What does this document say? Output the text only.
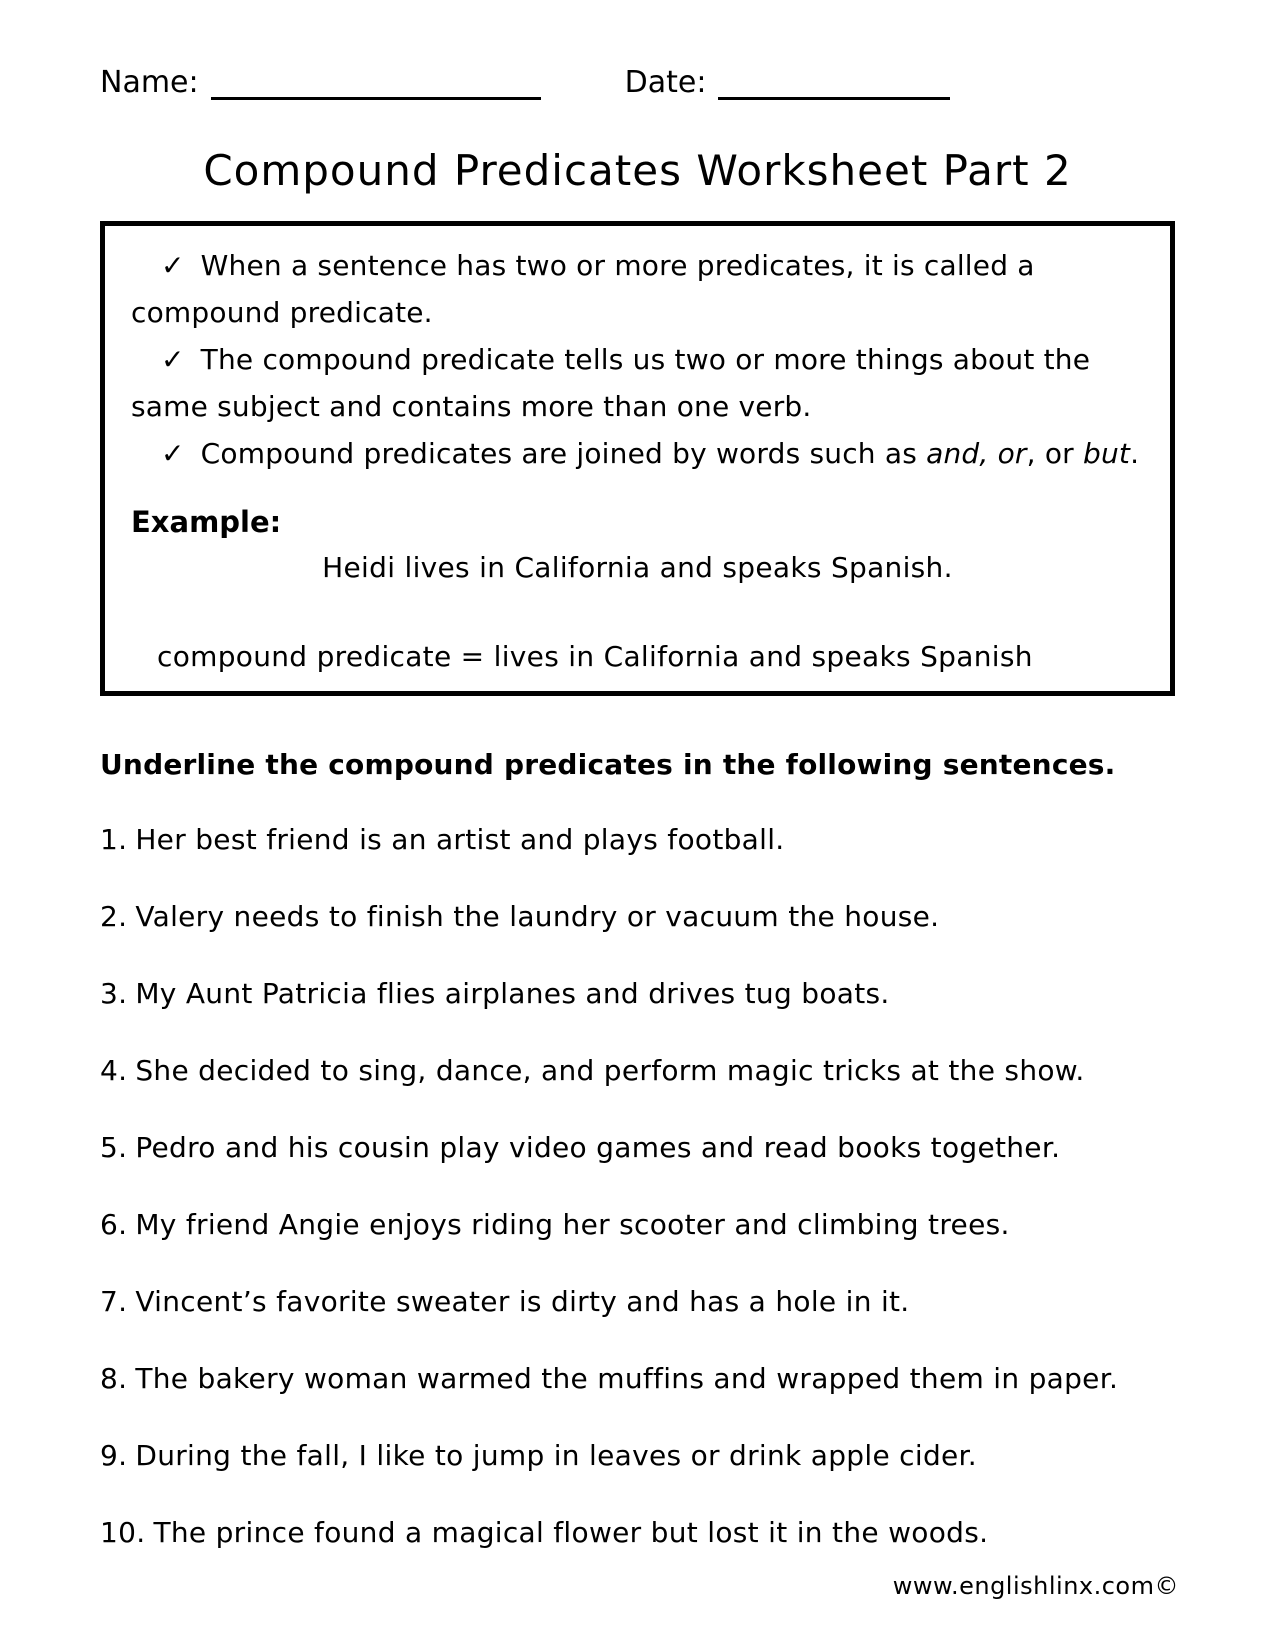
Name:	Date:
Compound Predicates Worksheet Part 2

✓ When a sentence has two or more predicates, it is called a compound predicate.

✓ The compound predicate tells us two or more things about the same subject and contains more than one verb.

✓ Compound predicates are joined by words such as and, or, or but.

Example:

Heidi lives in California and speaks Spanish.

compound predicate = lives in California and speaks Spanish

Underline the compound predicates in the following sentences.

1. Her best friend is an artist and plays football.

2. Valery needs to finish the laundry or vacuum the house.

3. My Aunt Patricia flies airplanes and drives tug boats.

4. She decided to sing, dance, and perform magic tricks at the show.

5. Pedro and his cousin play video games and read books together.

6. My friend Angie enjoys riding her scooter and climbing trees.

7. Vincent’s favorite sweater is dirty and has a hole in it.

8. The bakery woman warmed the muffins and wrapped them in paper.

9. During the fall, I like to jump in leaves or drink apple cider.

10. The prince found a magical flower but lost it in the woods.

www.englishlinx.com©
